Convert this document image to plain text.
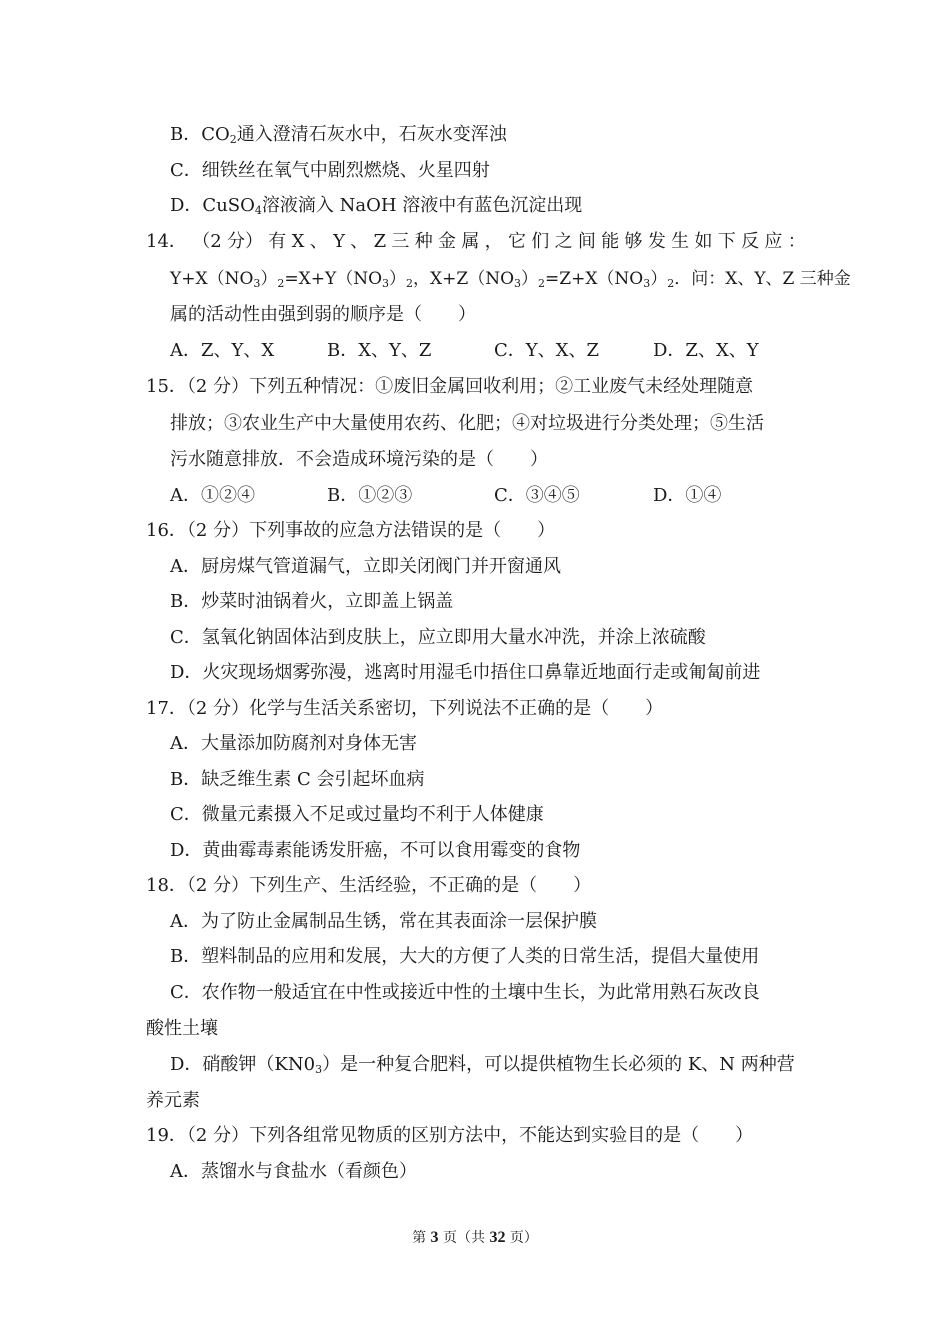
B．$CO_2$通入澄清石灰水中，石灰水变浑浊
C．细铁丝在氧气中剧烈燃烧、火星四射
D．CuSO$_4$溶液滴入 NaOH 溶液中有蓝色沉淀出现
14． （2 分） 有 X 、 Y 、 Z 三 种 金 属 ， 它 们 之 间 能 够 发 生 如 下 反 应 ：
$Y+X(NO_3)_2=X+Y(NO_3)_2$，$X+Z(NO_3)_2=Z+X(NO_3)_2$．问：X、Y、Z 三种金
属的活动性由强到弱的顺序是（　　）
A．Z、Y、X	B．X、Y、Z	C．Y、X、Z	D．Z、X、Y
15．（2 分）下列五种情况：①废旧金属回收利用；②工业废气未经处理随意
排放；③农业生产中大量使用农药、化肥；④对垃圾进行分类处理；⑤生活
污水随意排放．不会造成环境污染的是（　　）
A．①②④	B．①②③	C．③④⑤	D．①④
16．（2 分）下列事故的应急方法错误的是（　　）
A．厨房煤气管道漏气，立即关闭阀门并开窗通风
B．炒菜时油锅着火，立即盖上锅盖
C．氢氧化钠固体沾到皮肤上，应立即用大量水冲洗，并涂上浓硫酸
D．火灾现场烟雾弥漫，逃离时用湿毛巾捂住口鼻靠近地面行走或匍匐前进
17．（2 分）化学与生活关系密切，下列说法不正确的是（　　）
A．大量添加防腐剂对身体无害
B．缺乏维生素 C 会引起坏血病
C．微量元素摄入不足或过量均不利于人体健康
D．黄曲霉毒素能诱发肝癌，不可以食用霉变的食物
18．（2 分）下列生产、生活经验，不正确的是（　　）
A．为了防止金属制品生锈，常在其表面涂一层保护膜
B．塑料制品的应用和发展，大大的方便了人类的日常生活，提倡大量使用
C．农作物一般适宜在中性或接近中性的土壤中生长，为此常用熟石灰改良
酸性土壤
D．硝酸钾$(KN0_3)$是一种复合肥料，可以提供植物生长必须的 K、N 两种营
养元素
19．（2 分）下列各组常见物质的区别方法中，不能达到实验目的是（　　）
A．蒸馏水与食盐水（看颜色）
第 3 页（共 32 页）
